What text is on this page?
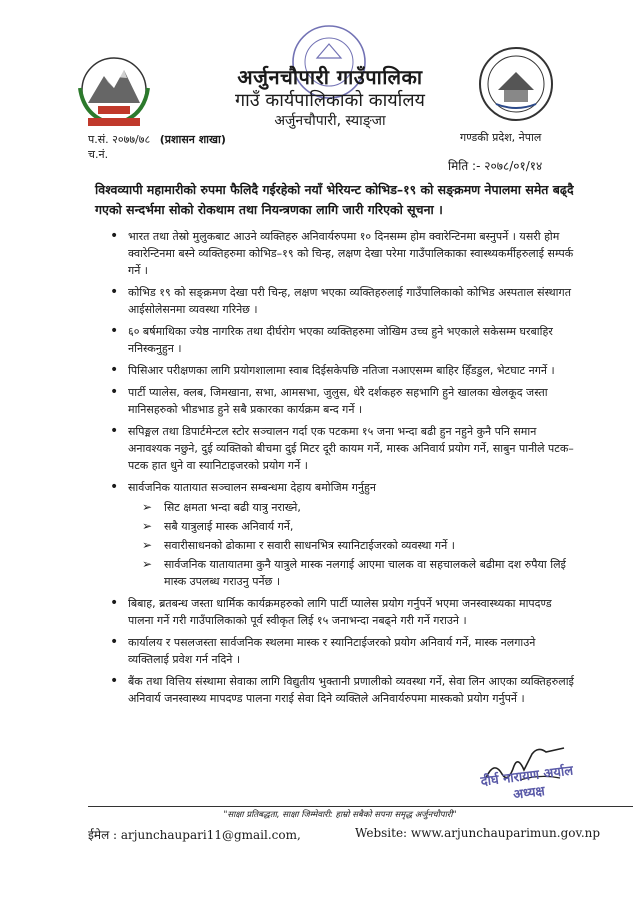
अर्जुनचौपारी गाउँपालिका
गाउँ कार्यपालिकाको कार्यालय
अर्जुनचौपारी, स्याङ्जा
प.सं. २०७७/७८ (प्रशासन शाखा)
च.नं.
गण्डकी प्रदेश, नेपाल
मिति :- २०७८/०१/१४
विश्वव्यापी महामारीको रुपमा फैलिदै गईरहेको नयाँ भेरियन्ट कोभिड–१९ को सङ्क्रमण नेपालमा समेत बढ्दै गएको सन्दर्भमा सोको रोकथाम तथा नियन्त्रणका लागि जारी गरिएको सूचना ।
• भारत तथा तेस्रो मुलुकबाट आउने व्यक्तिहरु अनिवार्यरुपमा १० दिनसम्म होम क्वारेन्टिनमा बस्नुपर्ने । यसरी होम क्वारेन्टिनमा बस्ने व्यक्तिहरुमा कोभिड–१९ को चिन्ह, लक्षण देखा परेमा गाउँपालिकाका स्वास्थ्यकर्मीहरुलाई सम्पर्क गर्ने ।
• कोभिड १९ को सङ्क्रमण देखा परी चिन्ह, लक्षण भएका व्यक्तिहरुलाई गाउँपालिकाको कोभिड अस्पताल संस्थागत आईसोलेसनमा व्यवस्था गरिनेछ ।
• ६० बर्षमाथिका ज्येष्ठ नागरिक तथा दीर्घरोग भएका व्यक्तिहरुमा जोखिम उच्च हुने भएकाले सकेसम्म घरबाहिर ननिस्कनुहुन ।
• पिसिआर परीक्षणका लागि प्रयोगशालामा स्वाब दिईसकेपछि नतिजा नआएसम्म बाहिर हिँडडुल, भेटघाट नगर्ने ।
• पार्टी प्यालेस, क्लब, जिमखाना, सभा, आमसभा, जुलुस, धेरै दर्शकहरु सहभागि हुने खालका खेलकूद जस्ता मानिसहरुको भीडभाड हुने सबै प्रकारका कार्यक्रम बन्द गर्ने ।
• सपिङ्मल तथा डिपार्टमेन्टल स्टोर सञ्चालन गर्दा एक पटकमा १५ जना भन्दा बढी हुन नहुने कुनै पनि समान अनावश्यक नछुने, दुई व्यक्तिको बीचमा दुई मिटर दूरी कायम गर्ने, मास्क अनिवार्य प्रयोग गर्ने, साबुन पानीले पटक–पटक हात धुने वा स्यानिटाइजरको प्रयोग गर्ने ।
• सार्वजनिक यातायात सञ्चालन सम्बन्धमा देहाय बमोजिम गर्नुहुन
➢ सिट क्षमता भन्दा बढी यात्रु नराख्ने,
➢ सबै यात्रुलाई मास्क अनिवार्य गर्ने,
➢ सवारीसाधनको ढोकामा र सवारी साधनभित्र स्यानिटाईजरको व्यवस्था गर्ने ।
➢ सार्वजनिक यातायातमा कुनै यात्रुले मास्क नलगाई आएमा चालक वा सहचालकले बढीमा दश रुपैया लिई मास्क उपलब्ध गराउनु पर्नेछ ।
• बिबाह, ब्रतबन्ध जस्ता धार्मिक कार्यक्रमहरुको लागि पार्टी प्यालेस प्रयोग गर्नुपर्ने भएमा जनस्वास्थ्यका मापदण्ड पालना गर्ने गरी गाउँपालिकाको पूर्व स्वीकृत लिई १५ जनाभन्दा नबढ्ने गरी गर्ने गराउने ।
• कार्यालय र पसलजस्ता सार्वजनिक स्थलमा मास्क र स्यानिटाईजरको प्रयोग अनिवार्य गर्ने, मास्क नलगाउने व्यक्तिलाई प्रवेश गर्न नदिने ।
• बैंक तथा वित्तिय संस्थामा सेवाका लागि विद्युतीय भुक्तानी प्रणालीको व्यवस्था गर्ने, सेवा लिन आएका व्यक्तिहरुलाई अनिवार्य जनस्वास्थ्य मापदण्ड पालना गराई सेवा दिने व्यक्तिले अनिवार्यरुपमा मास्कको प्रयोग गर्नुपर्ने ।
दीर्घ नारायण अर्याल
अध्यक्ष
"साक्षा प्रतिबद्धता, साक्षा जिम्मेवारी: हाम्रो सबैको सपना समृद्ध अर्जुनचौपारी"
ईमेल : arjunchaupari11@gmail.com,	Website: www.arjunchauparimun.gov.np
